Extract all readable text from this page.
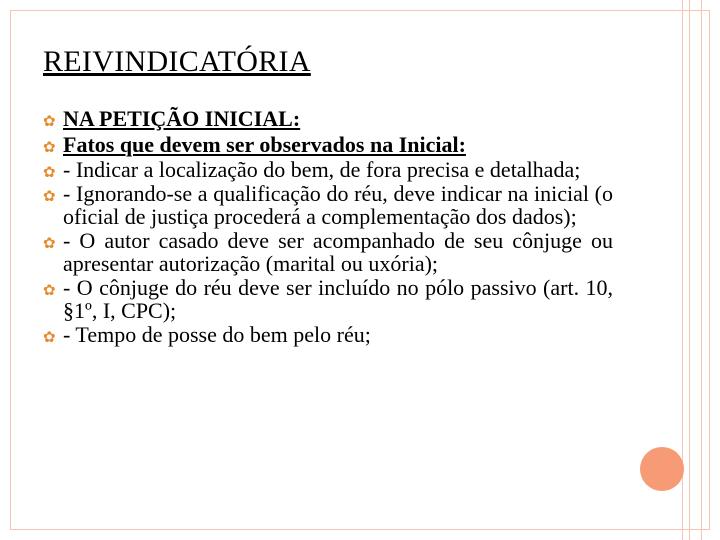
REIVINDICATÓRIA
✿ NA PETIÇÃO INICIAL:
✿ Fatos que devem ser observados na Inicial:
✿ - Indicar a localização do bem, de fora precisa e detalhada;
✿ - Ignorando-se a qualificação do réu, deve indicar na inicial (o oficial de justiça procederá a complementação dos dados);
✿ - O autor casado deve ser acompanhado de seu cônjuge ou apresentar autorização (marital ou uxória);
✿ - O cônjuge do réu deve ser incluído no pólo passivo (art. 10, §1º, I, CPC);
✿ - Tempo de posse do bem pelo réu;
